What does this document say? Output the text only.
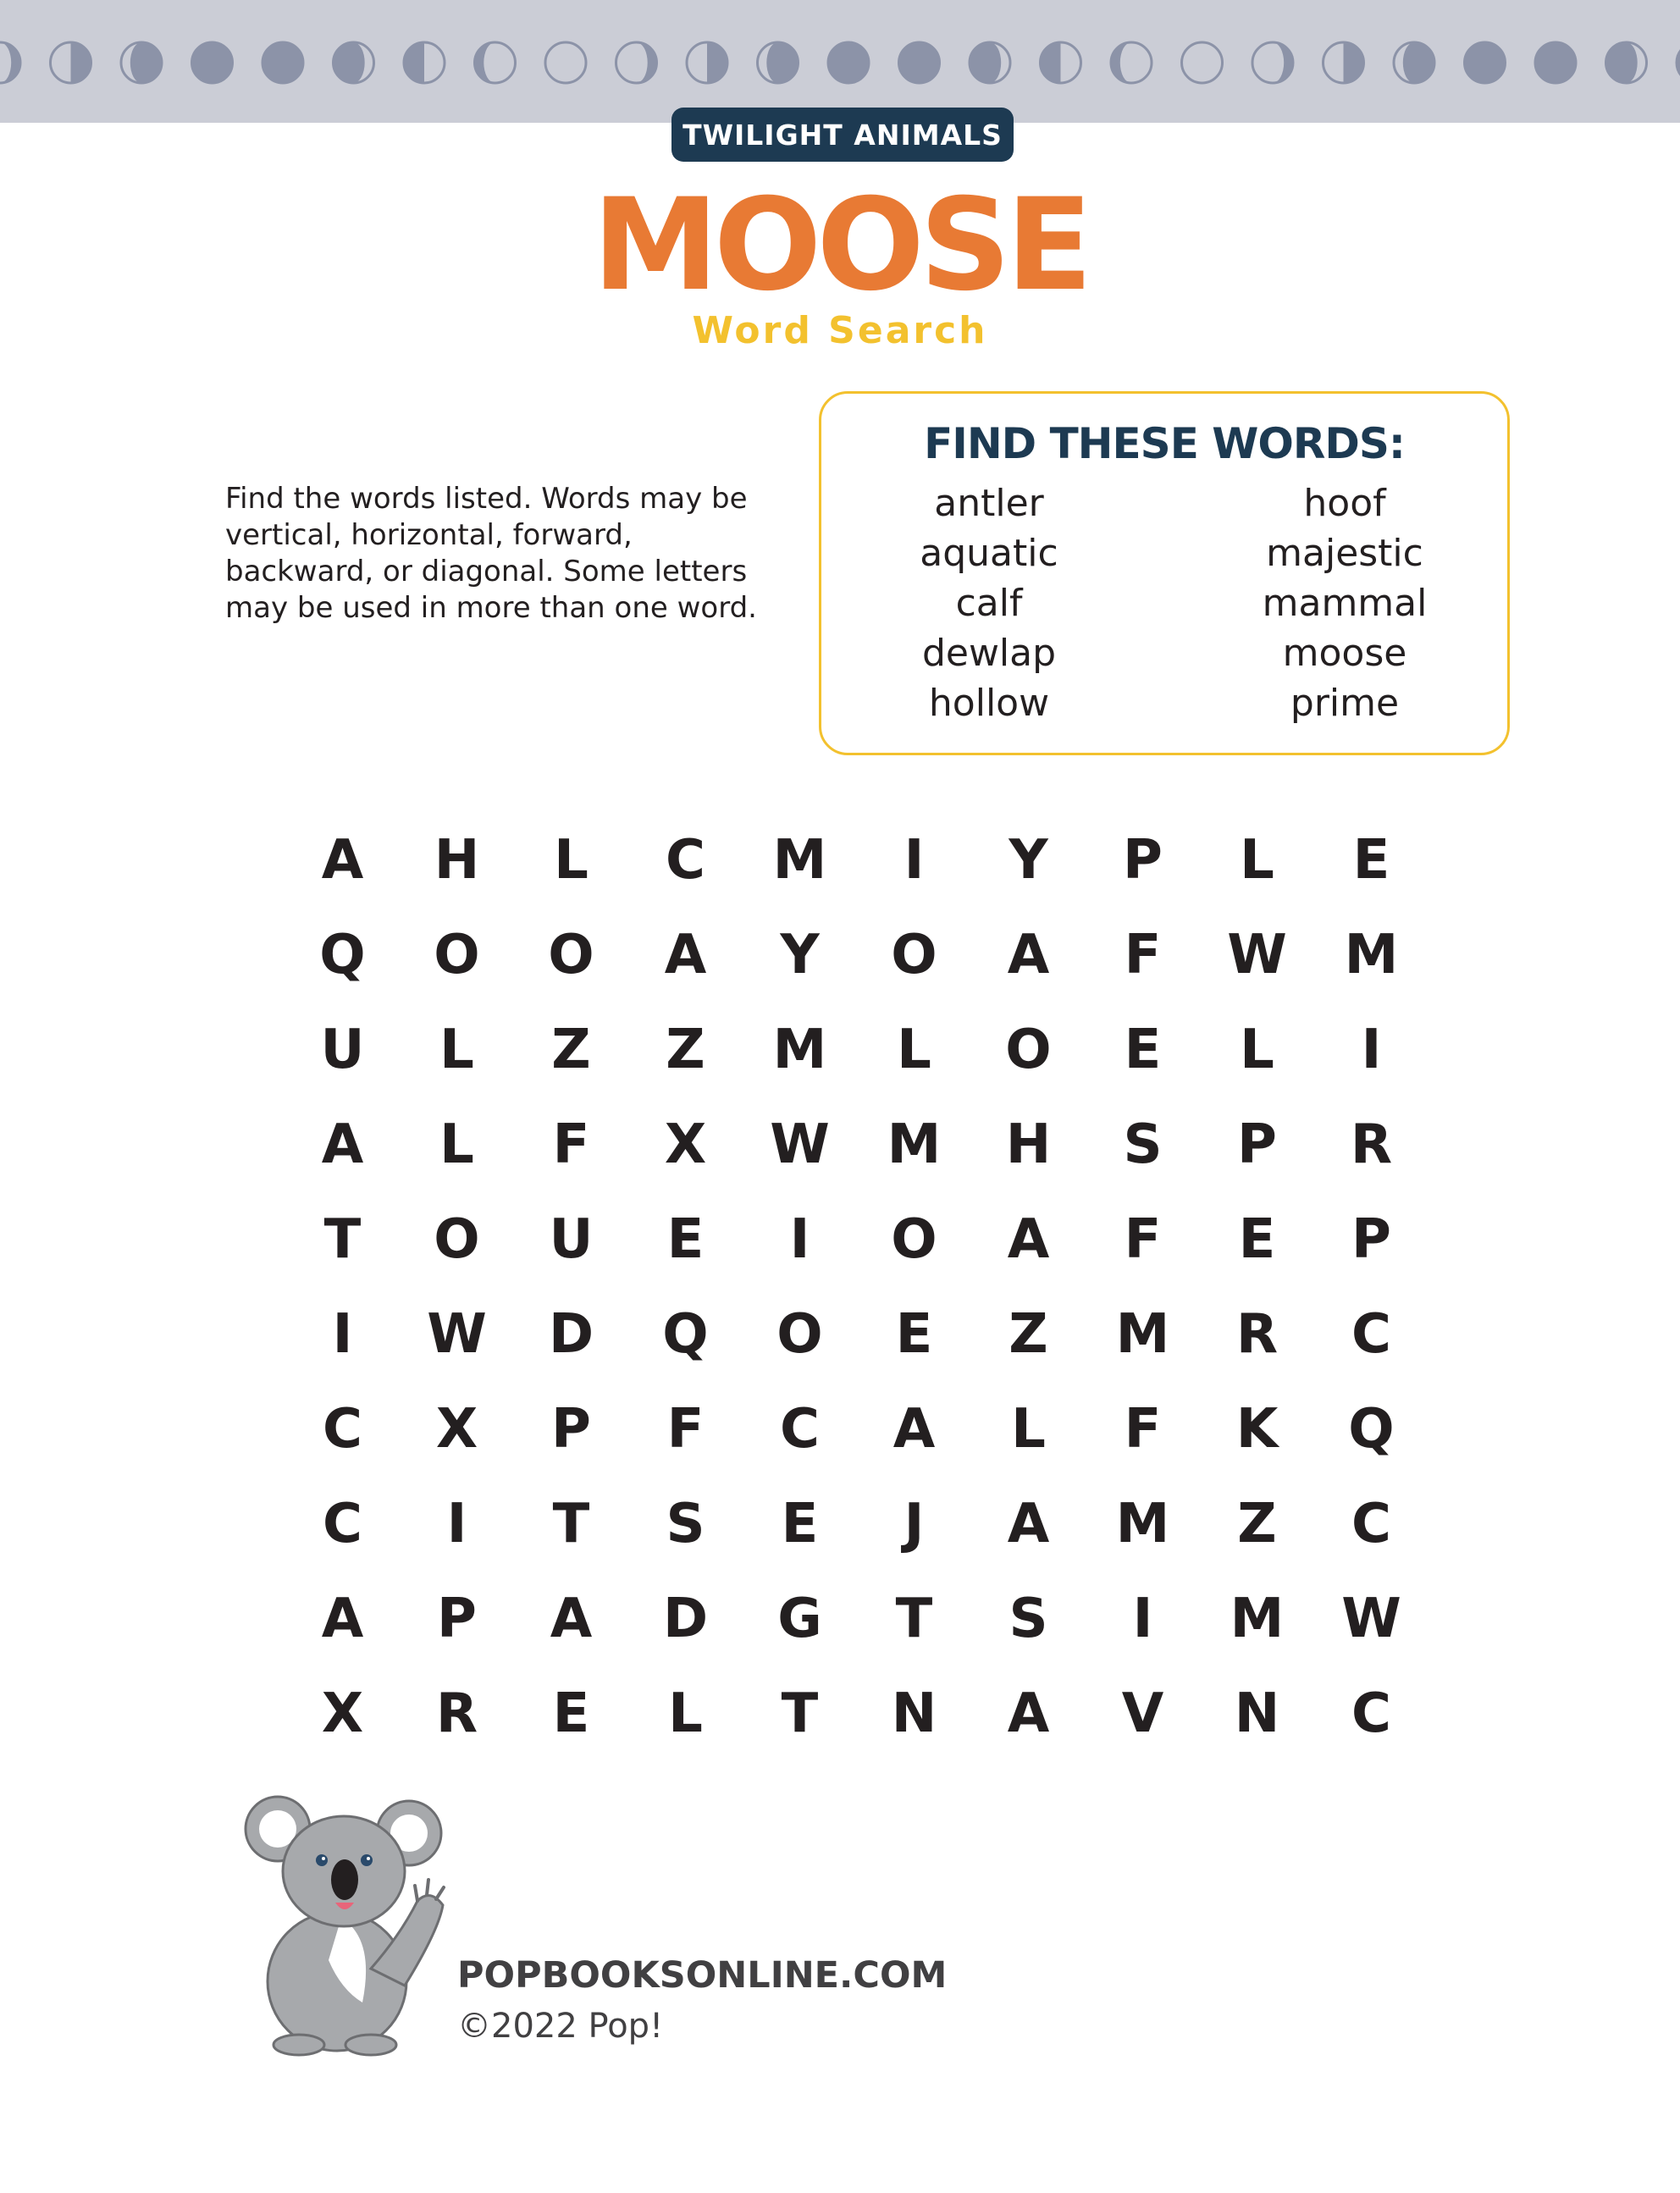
TWILIGHT ANIMALS
MOOSE
Word Search
Find the words listed. Words may be vertical, horizontal, forward, backward, or diagonal. Some letters may be used in more than one word.
FIND THESE WORDS:
antler
aquatic
calf
dewlap
hollow
hoof
majestic
mammal
moose
prime
A	H	L	C	M	I	Y	P	L	E
Q	O	O	A	Y	O	A	F	W	M
U	L	Z	Z	M	L	O	E	L	I
A	L	F	X	W	M	H	S	P	R
T	O	U	E	I	O	A	F	E	P
I	W	D	Q	O	E	Z	M	R	C
C	X	P	F	C	A	L	F	K	Q
C	I	T	S	E	J	A	M	Z	C
A	P	A	D	G	T	S	I	M	W
X	R	E	L	T	N	A	V	N	C
POPBOOKSONLINE.COM
©2022 Pop!
